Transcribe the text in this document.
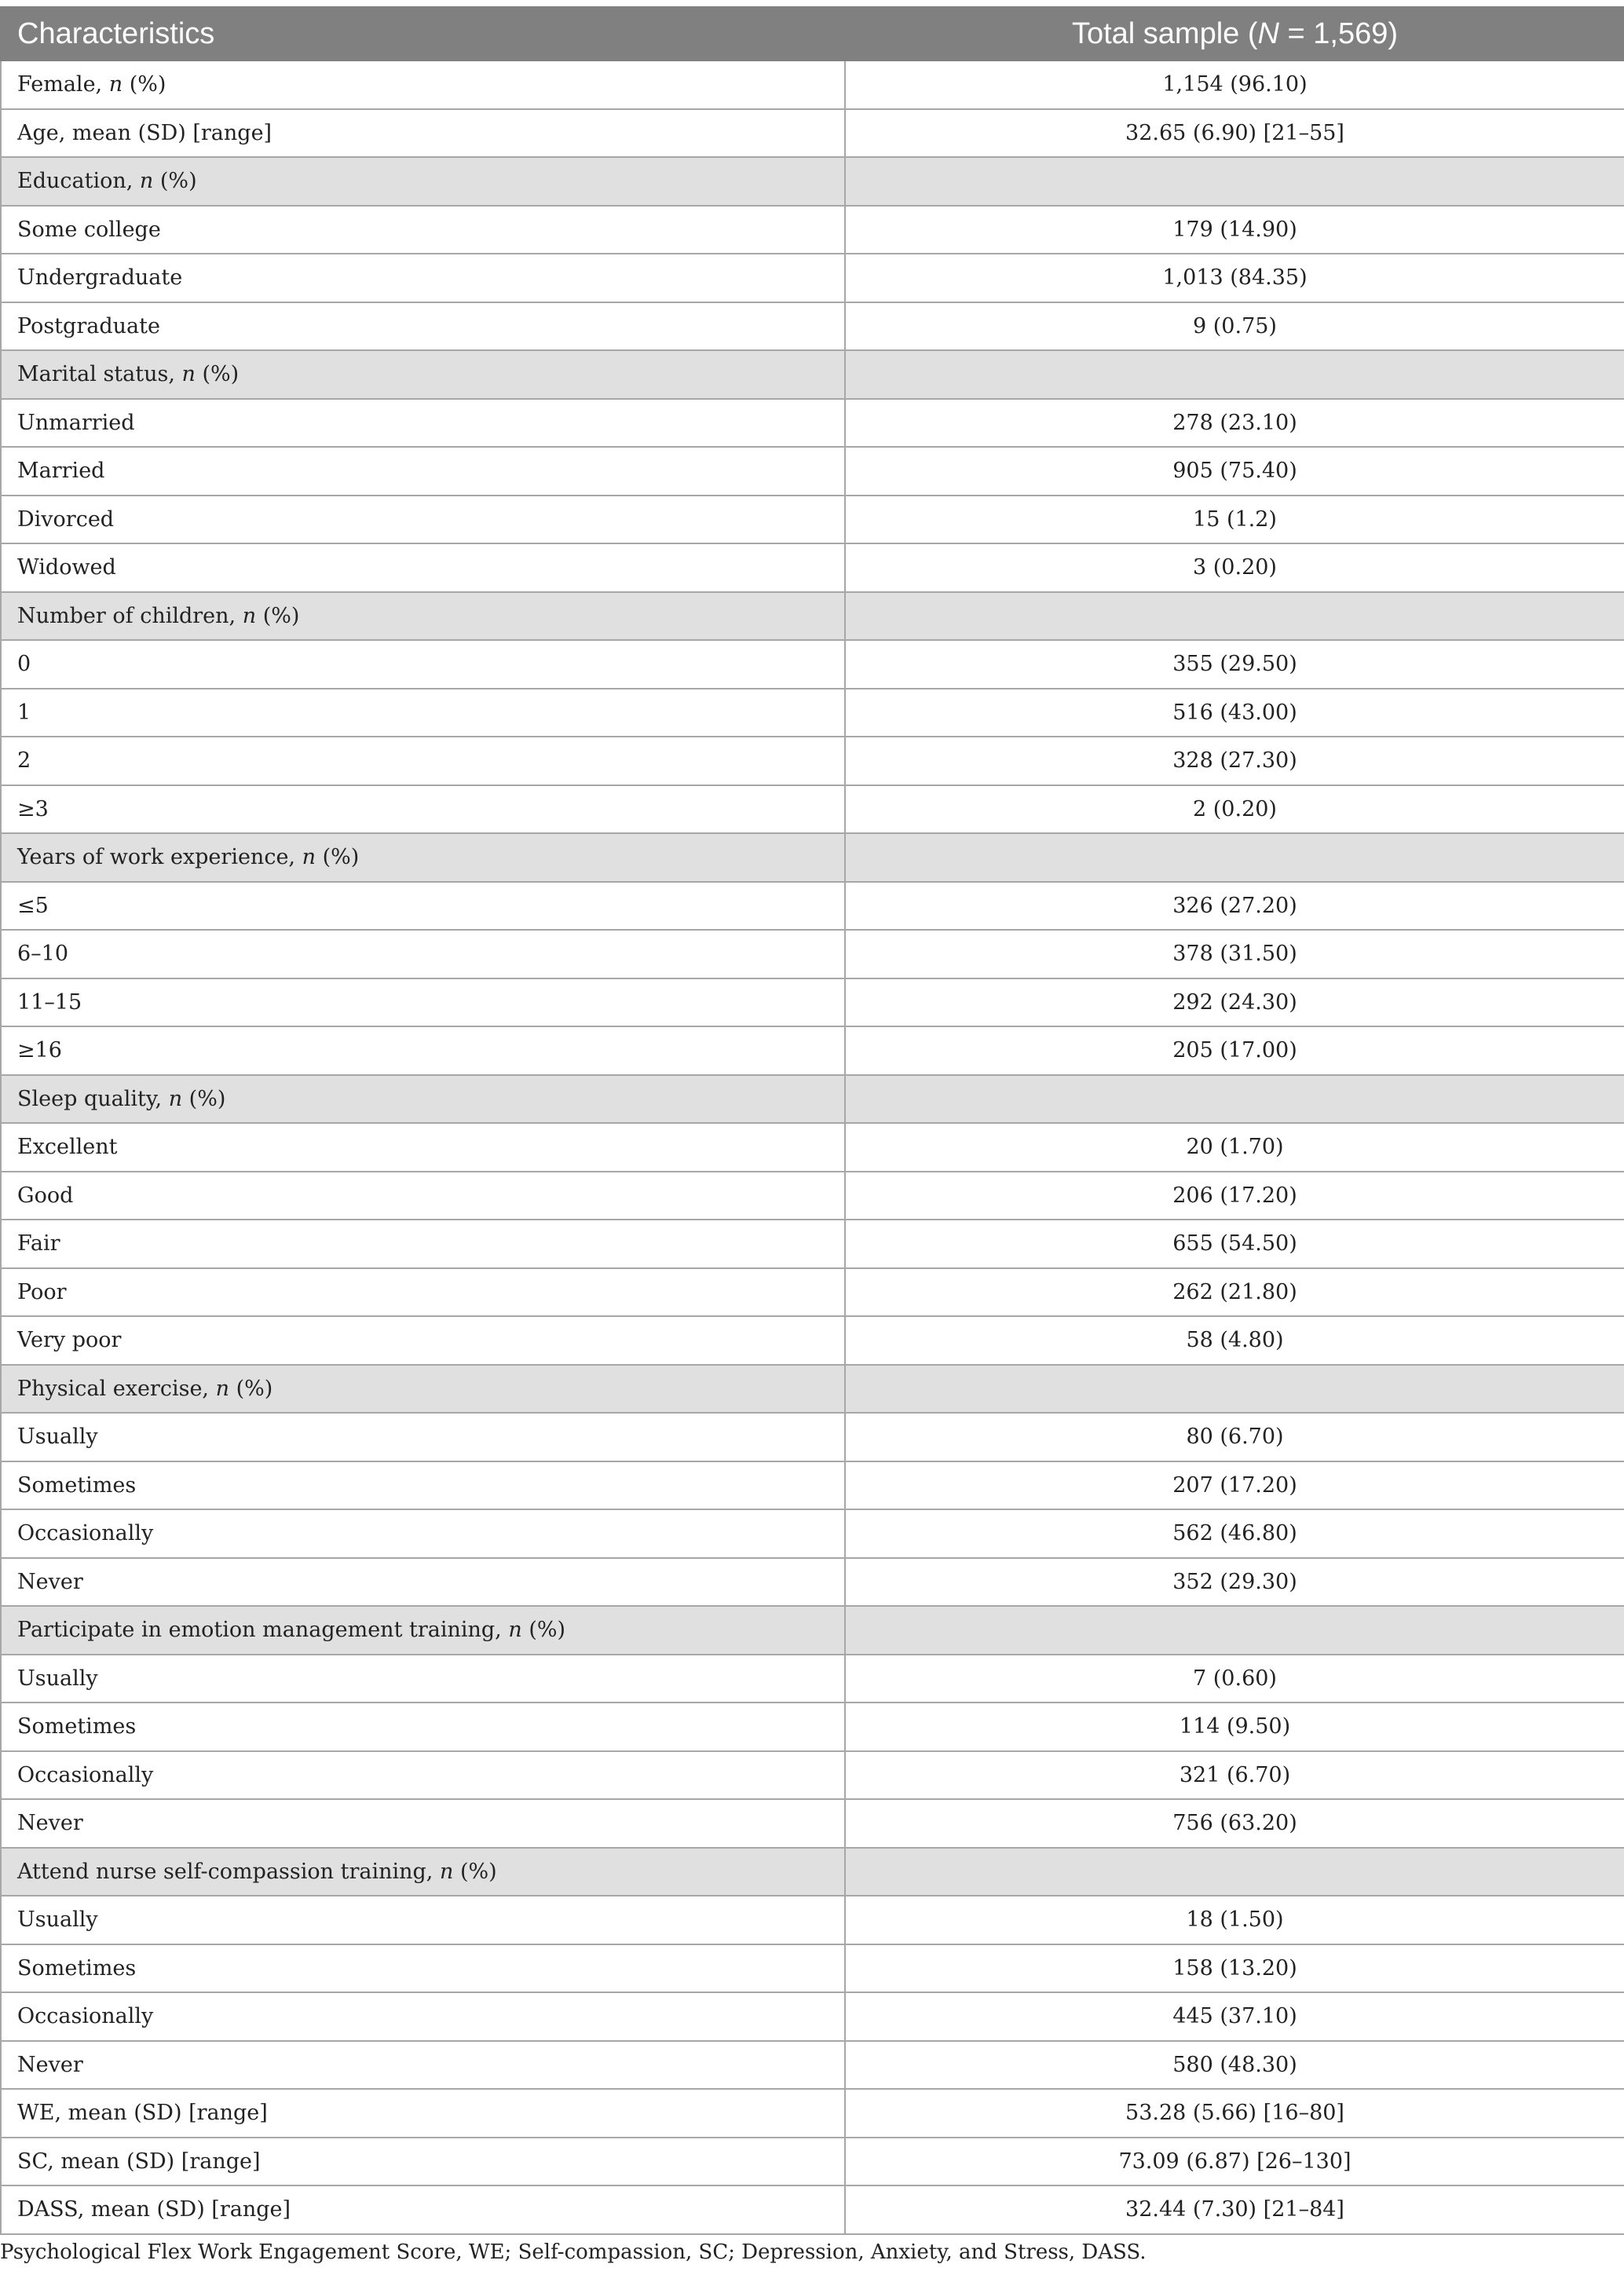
Characteristics	Total sample (N = 1,569)
Female, n (%)	1,154 (96.10)
Age, mean (SD) [range]	32.65 (6.90) [21–55]
Education, n (%)	
Some college	179 (14.90)
Undergraduate	1,013 (84.35)
Postgraduate	9 (0.75)
Marital status, n (%)	
Unmarried	278 (23.10)
Married	905 (75.40)
Divorced	15 (1.2)
Widowed	3 (0.20)
Number of children, n (%)	
0	355 (29.50)
1	516 (43.00)
2	328 (27.30)
≥3	2 (0.20)
Years of work experience, n (%)	
≤5	326 (27.20)
6–10	378 (31.50)
11–15	292 (24.30)
≥16	205 (17.00)
Sleep quality, n (%)	
Excellent	20 (1.70)
Good	206 (17.20)
Fair	655 (54.50)
Poor	262 (21.80)
Very poor	58 (4.80)
Physical exercise, n (%)	
Usually	80 (6.70)
Sometimes	207 (17.20)
Occasionally	562 (46.80)
Never	352 (29.30)
Participate in emotion management training, n (%)	
Usually	7 (0.60)
Sometimes	114 (9.50)
Occasionally	321 (6.70)
Never	756 (63.20)
Attend nurse self-compassion training, n (%)	
Usually	18 (1.50)
Sometimes	158 (13.20)
Occasionally	445 (37.10)
Never	580 (48.30)
WE, mean (SD) [range]	53.28 (5.66) [16–80]
SC, mean (SD) [range]	73.09 (6.87) [26–130]
DASS, mean (SD) [range]	32.44 (7.30) [21–84]
Psychological Flex Work Engagement Score, WE; Self-compassion, SC; Depression, Anxiety, and Stress, DASS.
